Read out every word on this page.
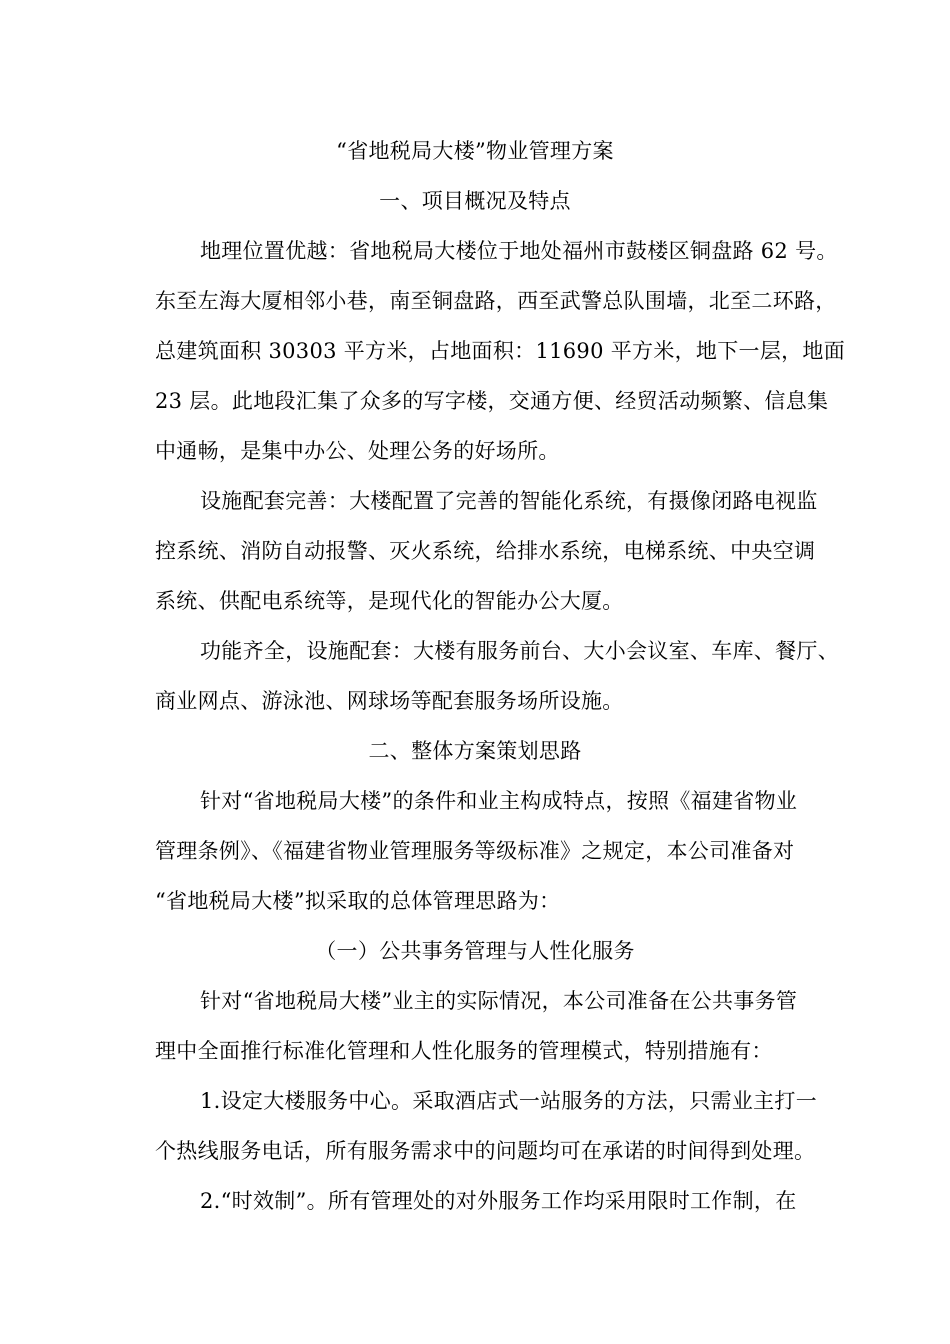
“省地税局大楼”物业管理方案
一、项目概况及特点
地理位置优越：省地税局大楼位于地处福州市鼓楼区铜盘路 62 号。
东至左海大厦相邻小巷，南至铜盘路，西至武警总队围墙，北至二环路，
总建筑面积 30303 平方米，占地面积：11690 平方米，地下一层，地面
23 层。此地段汇集了众多的写字楼，交通方便、经贸活动频繁、信息集
中通畅，是集中办公、处理公务的好场所。
设施配套完善：大楼配置了完善的智能化系统，有摄像闭路电视监
控系统、消防自动报警、灭火系统，给排水系统，电梯系统、中央空调
系统、供配电系统等，是现代化的智能办公大厦。
功能齐全，设施配套：大楼有服务前台、大小会议室、车库、餐厅、
商业网点、游泳池、网球场等配套服务场所设施。
二、整体方案策划思路
针对“省地税局大楼”的条件和业主构成特点，按照《福建省物业
管理条例》、《福建省物业管理服务等级标准》之规定，本公司准备对
“省地税局大楼”拟采取的总体管理思路为：
（一）公共事务管理与人性化服务
针对“省地税局大楼”业主的实际情况，本公司准备在公共事务管
理中全面推行标准化管理和人性化服务的管理模式，特别措施有：
1.设定大楼服务中心。采取酒店式一站服务的方法，只需业主打一
个热线服务电话，所有服务需求中的问题均可在承诺的时间得到处理。
2.“时效制”。所有管理处的对外服务工作均采用限时工作制，在
